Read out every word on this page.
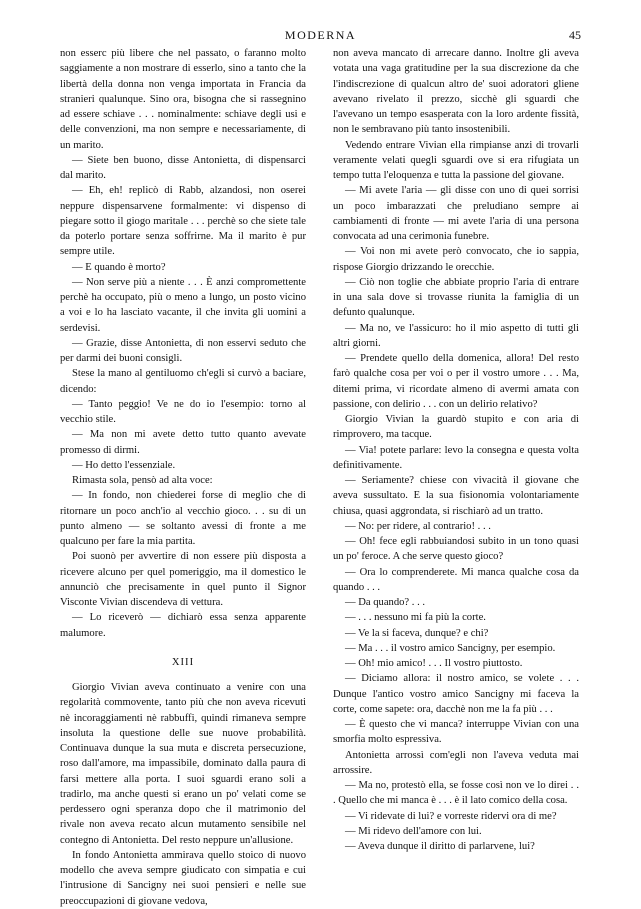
MODERNA	45

non esserc più libere che nel passato, o faranno molto saggiamente a non mostrare di esserlo, sino a tanto che la libertà della donna non venga importata in Francia da stranieri qualunque. Sino ora, bisogna che si rassegnino ad essere schiave . . . nominalmente: schiave degli usi e delle convenzioni, ma non sempre e necessariamente, di un marito.

— Siete ben buono, disse Antonietta, di dispensarci dal marito.

— Eh, eh! replicò di Rabb, alzandosi, non oserei neppure dispensarvene formalmente: vi dispenso di piegare sotto il giogo maritale . . . perchè so che siete tale da poterlo portare senza soffrirne. Ma il marito è pur sempre utile.

— E quando è morto?

— Non serve più a niente . . . È anzi compromettente perchè ha occupato, più o meno a lungo, un posto vicino a voi e lo ha lasciato vacante, il che invita gli uomini a serdevisi.

— Grazie, disse Antonietta, di non esservi seduto che per darmi dei buoni consigli.

Stese la mano al gentiluomo ch'egli si curvò a baciare, dicendo:

— Tanto peggio! Ve ne do io l'esempio: torno al vecchio stile.

— Ma non mi avete detto tutto quanto avevate promesso di dirmi.

— Ho detto l'essenziale.

Rimasta sola, pensò ad alta voce:

— In fondo, non chiederei forse di meglio che di ritornare un poco anch'io al vecchio gioco. . . su di un punto almeno — se soltanto avessi di fronte a me qualcuno per fare la mia partita.

Poi suonò per avvertire di non essere più disposta a ricevere alcuno per quel pomeriggio, ma il domestico le annunciò che precisamente in quel punto il Signor Visconte Vivian discendeva di vettura.

— Lo riceverò — dichiarò essa senza apparente malumore.

XIII

Giorgio Vivian aveva continuato a venire con una regolarità commovente, tanto più che non aveva ricevuti nè incoraggiamenti nè rabbuffi, quindi rimaneva sempre insoluta la questione delle sue nuove probabilità. Continuava dunque la sua muta e discreta persecuzione, roso dall'amore, ma impassibile, dominato dalla paura di farsi mettere alla porta. I suoi sguardi erano soli a tradirlo, ma anche questi si erano un po' velati come se perdessero ogni speranza dopo che il matrimonio del rivale non aveva recato alcun mutamento sensibile nel contegno di Antonietta. Del resto neppure un'allusione.

In fondo Antonietta ammirava quello stoico di nuovo modello che aveva sempre giudicato con simpatia e cui l'intrusione di Sancigny nei suoi pensieri e nelle sue preoccupazioni di giovane vedova,

non aveva mancato di arrecare danno. Inoltre gli aveva votata una vaga gratitudine per la sua discrezione da che l'indiscrezione di qualcun altro de' suoi adoratori gliene avevano rivelato il prezzo, sicchè gli sguardi che l'avevano un tempo esasperata con la loro ardente fissità, non le sembravano più tanto insostenibili.

Vedendo entrare Vivian ella rimpianse anzi di trovarli veramente velati quegli sguardi ove si era rifugiata un tempo tutta l'eloquenza e tutta la passione del giovane.

— Mi avete l'aria — gli disse con uno di quei sorrisi un poco imbarazzati che preludiano sempre ai cambiamenti di fronte — mi avete l'aria di una persona convocata ad una cerimonia funebre.

— Voi non mi avete però convocato, che io sappia, rispose Giorgio drizzando le orecchie.

— Ciò non toglie che abbiate proprio l'aria di entrare in una sala dove si trovasse riunita la famiglia di un defunto qualunque.

— Ma no, ve l'assicuro: ho il mio aspetto di tutti gli altri giorni.

— Prendete quello della domenica, allora! Del resto farò qualche cosa per voi o per il vostro umore . . . Ma, ditemi prima, vi ricordate almeno di avermi amata con passione, con delirio . . . con un delirio relativo?

Giorgio Vivian la guardò stupito e con aria di rimprovero, ma tacque.

— Via! potete parlare: levo la consegna e questa volta definitivamente.

— Seriamente? chiese con vivacità il giovane che aveva sussultato. E la sua fisionomia volontariamente chiusa, quasi aggrondata, si rischiarò ad un tratto.

— No: per ridere, al contrario! . . .

— Oh! fece egli rabbuiandosi subito in un tono quasi un po' feroce. A che serve questo gioco?

— Ora lo comprenderete. Mi manca qualche cosa da quando . . .

— Da quando? . . .

— . . . nessuno mi fa più la corte.

— Ve la si faceva, dunque? e chi?

— Ma . . . il vostro amico Sancigny, per esempio.

— Oh! mio amico! . . . Il vostro piuttosto.

— Diciamo allora: il nostro amico, se volete . . . Dunque l'antico vostro amico Sancigny mi faceva la corte, come sapete: ora, dacchè non me la fa più . . .

— È questo che vi manca? interruppe Vivian con una smorfia molto espressiva.

Antonietta arrossì com'egli non l'aveva veduta mai arrossire.

— Ma no, protestò ella, se fosse così non ve lo direi . . . Quello che mi manca è . . . è il lato comico della cosa.

— Vi ridevate di lui? e vorreste ridervi ora di me?

— Mi ridevo dell'amore con lui.

— Aveva dunque il diritto di parlarvene, lui?
